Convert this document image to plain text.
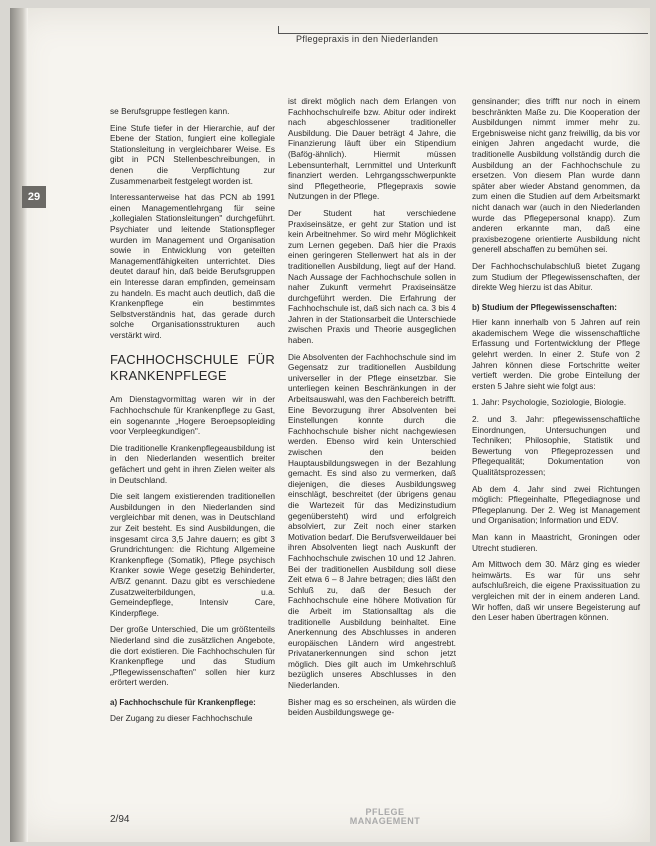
Pflegepraxis in den Niederlanden
29

se Berufsgruppe festlegen kann.

Eine Stufe tiefer in der Hierarchie, auf der Ebene der Station, fungiert eine kollegiale Stationsleitung in vergleichbarer Weise. Es gibt in PCN Stellenbeschreibungen, in denen die Verpflichtung zur Zusammenarbeit festgelegt worden ist.

Interessanterweise hat das PCN ab 1991 einen Managementlehrgang für seine „kollegialen Stationsleitungen" durchgeführt. Psychiater und leitende Stationspfleger wurden im Management und Organisation sowie in Entwicklung von geteilten Managementfähigkeiten unterrichtet. Dies deutet darauf hin, daß beide Berufsgruppen ein Interesse daran empfinden, gemeinsam zu handeln. Es macht auch deutlich, daß die Krankenpflege ein bestimmtes Selbstverständnis hat, das gerade durch solche Organisationsstrukturen auch verstärkt wird.

FACHHOCHSCHULE FÜR KRANKENPFLEGE

Am Dienstagvormittag waren wir in der Fachhochschule für Krankenpflege zu Gast, ein sogenannte „Hogere Beroepsopleiding voor Verpleegkundigen".

Die traditionelle Krankenpflegeausbildung ist in den Niederlanden wesentlich breiter gefächert und geht in ihren Zielen weiter als in Deutschland.

Die seit langem existierenden traditionellen Ausbildungen in den Niederlanden sind vergleichbar mit denen, was in Deutschland zur Zeit besteht. Es sind Ausbildungen, die insgesamt circa 3,5 Jahre dauern; es gibt 3 Grundrichtungen: die Richtung Allgemeine Krankenpflege (Somatik), Pflege psychisch Kranker sowie Wege gesetzig Behinderter, A/B/Z genannt. Dazu gibt es verschiedene Zusatzweiterbildungen, u.a. Gemeindepflege, Intensiv Care, Kinderpflege.

Der große Unterschied, Die um größtenteils Niederland sind die zusätzlichen Angebote, die dort existieren. Die Fachhochschulen für Krankenpflege und das Studium „Pflegewissenschaften" sollen hier kurz erörtert werden.

a) Fachhochschule für Krankenpflege:

Der Zugang zu dieser Fachhochschule

ist direkt möglich nach dem Erlangen von Fachhochschulreife bzw. Abitur oder indirekt nach abgeschlossener traditioneller Ausbildung. Die Dauer beträgt 4 Jahre, die Finanzierung läuft über ein Stipendium (Bafög-ähnlich). Hiermit müssen Lebensunterhalt, Lernmittel und Unterkunft finanziert werden. Lehrgangsschwerpunkte sind Pflegetheorie, Pflegepraxis sowie Nutzungen in der Pflege.

Der Student hat verschiedene Praxiseinsätze, er geht zur Station und ist kein Arbeitnehmer. So wird mehr Möglichkeit zum Lernen gegeben. Daß hier die Praxis einen geringeren Stellenwert hat als in der traditionellen Ausbildung, liegt auf der Hand. Nach Aussage der Fachhochschule sollen in naher Zukunft vermehrt Praxiseinsätze durchgeführt werden. Die Erfahrung der Fachhochschule ist, daß sich nach ca. 3 bis 4 Jahren in der Stationsarbeit die Unterschiede zwischen Praxis und Theorie ausgeglichen haben.

Die Absolventen der Fachhochschule sind im Gegensatz zur traditionellen Ausbildung universeller in der Pflege einsetzbar. Sie unterliegen keinen Beschränkungen in der Arbeitsauswahl, was den Fachbereich betrifft. Eine Bevorzugung ihrer Absolventen bei Einstellungen konnte durch die Fachhochschule bisher nicht nachgewiesen werden. Ebenso wird kein Unterschied zwischen den beiden Hauptausbildungswegen in der Bezahlung gemacht. Es sind also zu vermerken, daß diejenigen, die dieses Ausbildungsweg einschlägt, beschreitet (der übrigens genau die Wartezeit für das Medizinstudium gegenübersteht) wird und erfolgreich absolviert, zur Zeit noch einer starken Motivation bedarf. Die Berufsverweildauer bei ihren Absolventen liegt nach Auskunft der Fachhochschule zwischen 10 und 12 Jahren. Bei der traditionellen Ausbildung soll diese Zeit etwa 6 – 8 Jahre betragen; dies läßt den Schluß zu, daß der Besuch der Fachhochschule eine höhere Motivation für die Arbeit im Stationsalltag als die traditionelle Ausbildung beinhaltet. Eine Anerkennung des Abschlusses in anderen europäischen Ländern wird angestrebt. Privatanerkennungen sind schon jetzt möglich. Dies gilt auch im Umkehrschluß bezüglich unseres Abschlusses in den Niederlanden.

Bisher mag es so erscheinen, als würden die beiden Ausbildungswege ge-

gensinander; dies trifft nur noch in einem beschränkten Maße zu. Die Kooperation der Ausbildungen nimmt immer mehr zu. Ergebnisweise nicht ganz freiwillig, da bis vor einigen Jahren angedacht wurde, die traditionelle Ausbildung vollständig durch die Ausbildung an der Fachhochschule zu ersetzen. Von diesem Plan wurde dann später aber wieder Abstand genommen, da zum einen die Studien auf dem Arbeitsmarkt nicht danach war (auch in den Niederlanden wurde das Pflegepersonal knapp). Zum anderen erkannte man, daß eine praxisbezogene orientierte Ausbildung nicht generell abschaffen zu bemühen sei.

Der Fachhochschulabschluß bietet Zugang zum Studium der Pflegewissenschaften, der direkte Weg hierzu ist das Abitur.

b) Studium der Pflegewissenschaften:

Hier kann innerhalb von 5 Jahren auf rein akademischem Wege die wissenschaftliche Erfassung und Fortentwicklung der Pflege gelehrt werden. In einer 2. Stufe von 2 Jahren können diese Fortschritte weiter vertieft werden. Die grobe Einteilung der ersten 5 Jahre sieht wie folgt aus:

1. Jahr: Psychologie, Soziologie, Biologie.

2. und 3. Jahr: pflegewissenschaftliche Einordnungen, Untersuchungen und Techniken; Philosophie, Statistik und Bewertung von Pflegeprozessen und Pflegequalität; Dokumentation von Qualitätsprozessen;

Ab dem 4. Jahr sind zwei Richtungen möglich: Pflegeinhalte, Pflegediagnose und Pflegeplanung. Der 2. Weg ist Management und Organisation; Information und EDV.

Man kann in Maastricht, Groningen oder Utrecht studieren.

Am Mittwoch dem 30. März ging es wieder heimwärts. Es war für uns sehr aufschlußreich, die eigene Praxissituation zu vergleichen mit der in einem anderen Land. Wir hoffen, daß wir unsere Begeisterung auf den Leser haben übertragen können.

2/94
PFLEGE
MANAGEMENT
